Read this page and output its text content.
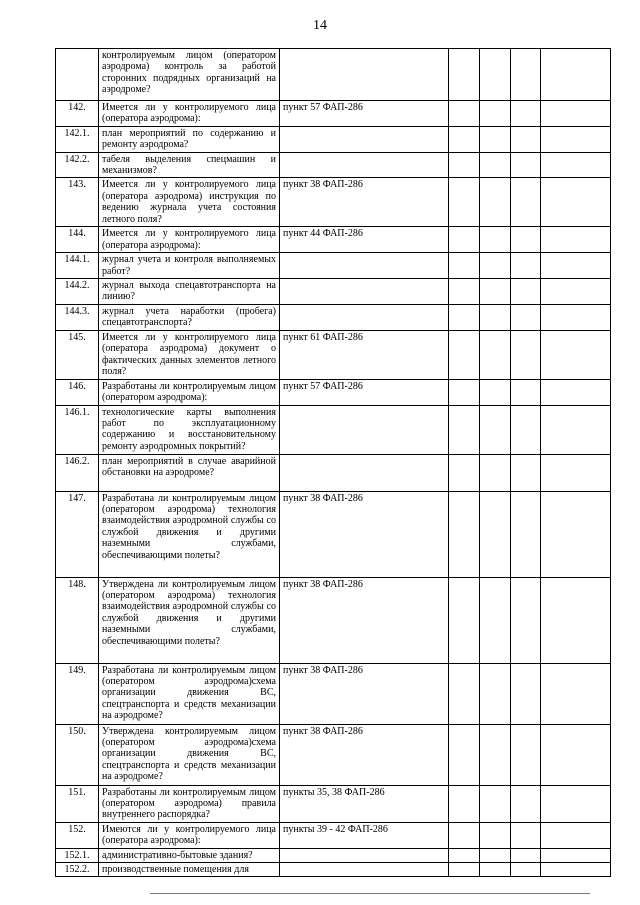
14
	контролируемым лицом (оператором аэродрома) контроль за работой сторонних подрядных организаций на аэродроме?					
142.	Имеется ли у контролируемого лица (оператора аэродрома):	пункт 57 ФАП-286				
142.1.	план мероприятий по содержанию и ремонту аэродрома?					
142.2.	табеля выделения спецмашин и механизмов?					
143.	Имеется ли у контролируемого лица (оператора аэродрома) инструкция по ведению журнала учета состояния летного поля?	пункт 38 ФАП-286				
144.	Имеется ли у контролируемого лица (оператора аэродрома):	пункт 44 ФАП-286				
144.1.	журнал учета и контроля выполняемых работ?					
144.2.	журнал выхода спецавтотранспорта на линию?					
144.3.	журнал учета наработки (пробега) спецавтотранспорта?					
145.	Имеется ли у контролируемого лица (оператора аэродрома) документ о фактических данных элементов летного поля?	пункт 61 ФАП-286				
146.	Разработаны ли контролируемым лицом (оператором аэродрома):	пункт 57 ФАП-286				
146.1.	технологические карты выполнения работ по эксплуатационному содержанию и восстановительному ремонту аэродромных покрытий?					
146.2.	план мероприятий в случае аварийной обстановки на аэродроме?					
147.	Разработана ли контролируемым лицом (оператором аэродрома) технология взаимодействия аэродромной службы со службой движения и другими наземными службами, обеспечивающими полеты?	пункт 38 ФАП-286				
148.	Утверждена ли контролируемым лицом (оператором аэродрома) технология взаимодействия аэродромной службы со службой движения и другими наземными службами, обеспечивающими полеты?	пункт 38 ФАП-286				
149.	Разработана ли контролируемым лицом (оператором аэродрома)схема организации движения ВС, спецтранспорта и средств механизации на аэродроме?	пункт 38 ФАП-286				
150.	Утверждена контролируемым лицом (оператором аэродрома)схема организации движения ВС, спецтранспорта и средств механизации на аэродроме?	пункт 38 ФАП-286				
151.	Разработаны ли контролируемым лицом (оператором аэродрома) правила внутреннего распорядка?	пункты 35, 38 ФАП-286				
152.	Имеются ли у контролируемого лица (оператора аэродрома):	пункты 39 - 42 ФАП-286				
152.1.	административно-бытовые здания?					
152.2.	производственные помещения для					
